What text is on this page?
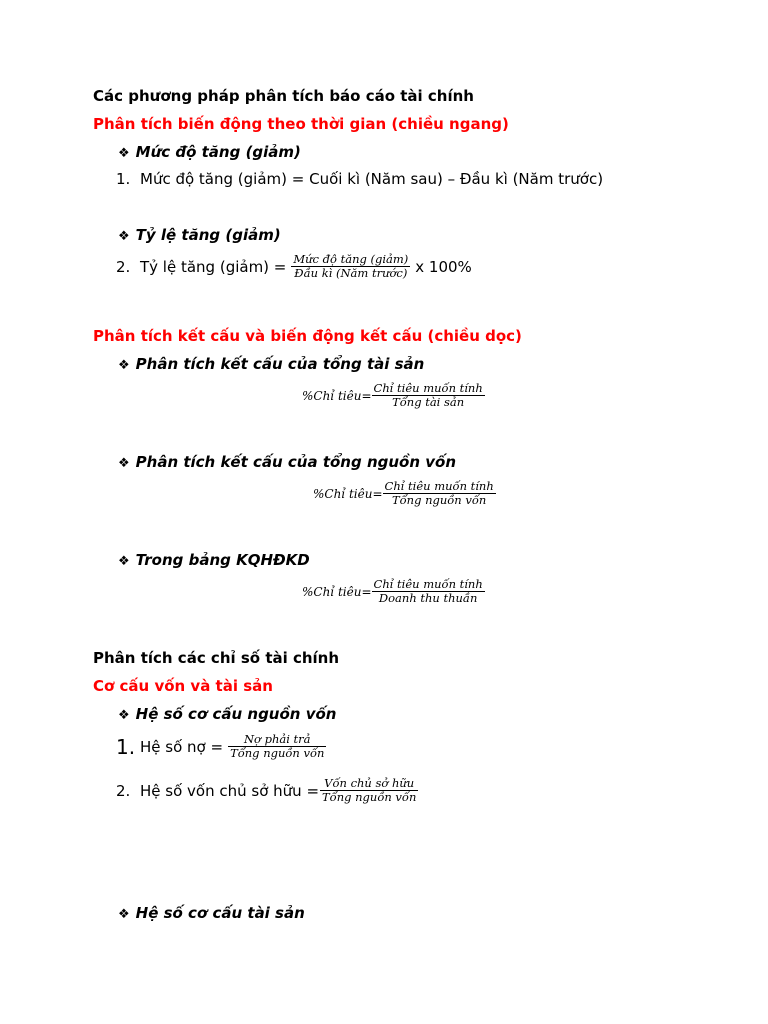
Các phương pháp phân tích báo cáo tài chính
Phân tích biến động theo thời gian (chiều ngang)
❖ Mức độ tăng (giảm)
1. Mức độ tăng (giảm) = Cuối kì (Năm sau) – Đầu kì (Năm trước)
❖ Tỷ lệ tăng (giảm)
2. Tỷ lệ tăng (giảm) = $\frac{\text{Mức độ tăng (giảm)}}{\text{Đầu kì (Năm trước)}}$ x 100%
Phân tích kết cấu và biến động kết cấu (chiều dọc)
❖ Phân tích kết cấu của tổng tài sản
%Chỉ tiêu= $\frac{\text{Chỉ tiêu muốn tính}}{\text{Tổng tài sản}}$
❖ Phân tích kết cấu của tổng nguồn vốn
%Chỉ tiêu= $\frac{\text{Chỉ tiêu muốn tính}}{\text{Tổng nguồn vốn}}$
❖ Trong bảng KQHĐKD
%Chỉ tiêu= $\frac{\text{Chỉ tiêu muốn tính}}{\text{Doanh thu thuần}}$
Phân tích các chỉ số tài chính
Cơ cấu vốn và tài sản
❖ Hệ số cơ cấu nguồn vốn
1. Hệ số nợ = $\frac{\text{Nợ phải trả}}{\text{Tổng nguồn vốn}}$
2. Hệ số vốn chủ sở hữu = $\frac{\text{Vốn chủ sở hữu}}{\text{Tổng nguồn vốn}}$
❖ Hệ số cơ cấu tài sản
